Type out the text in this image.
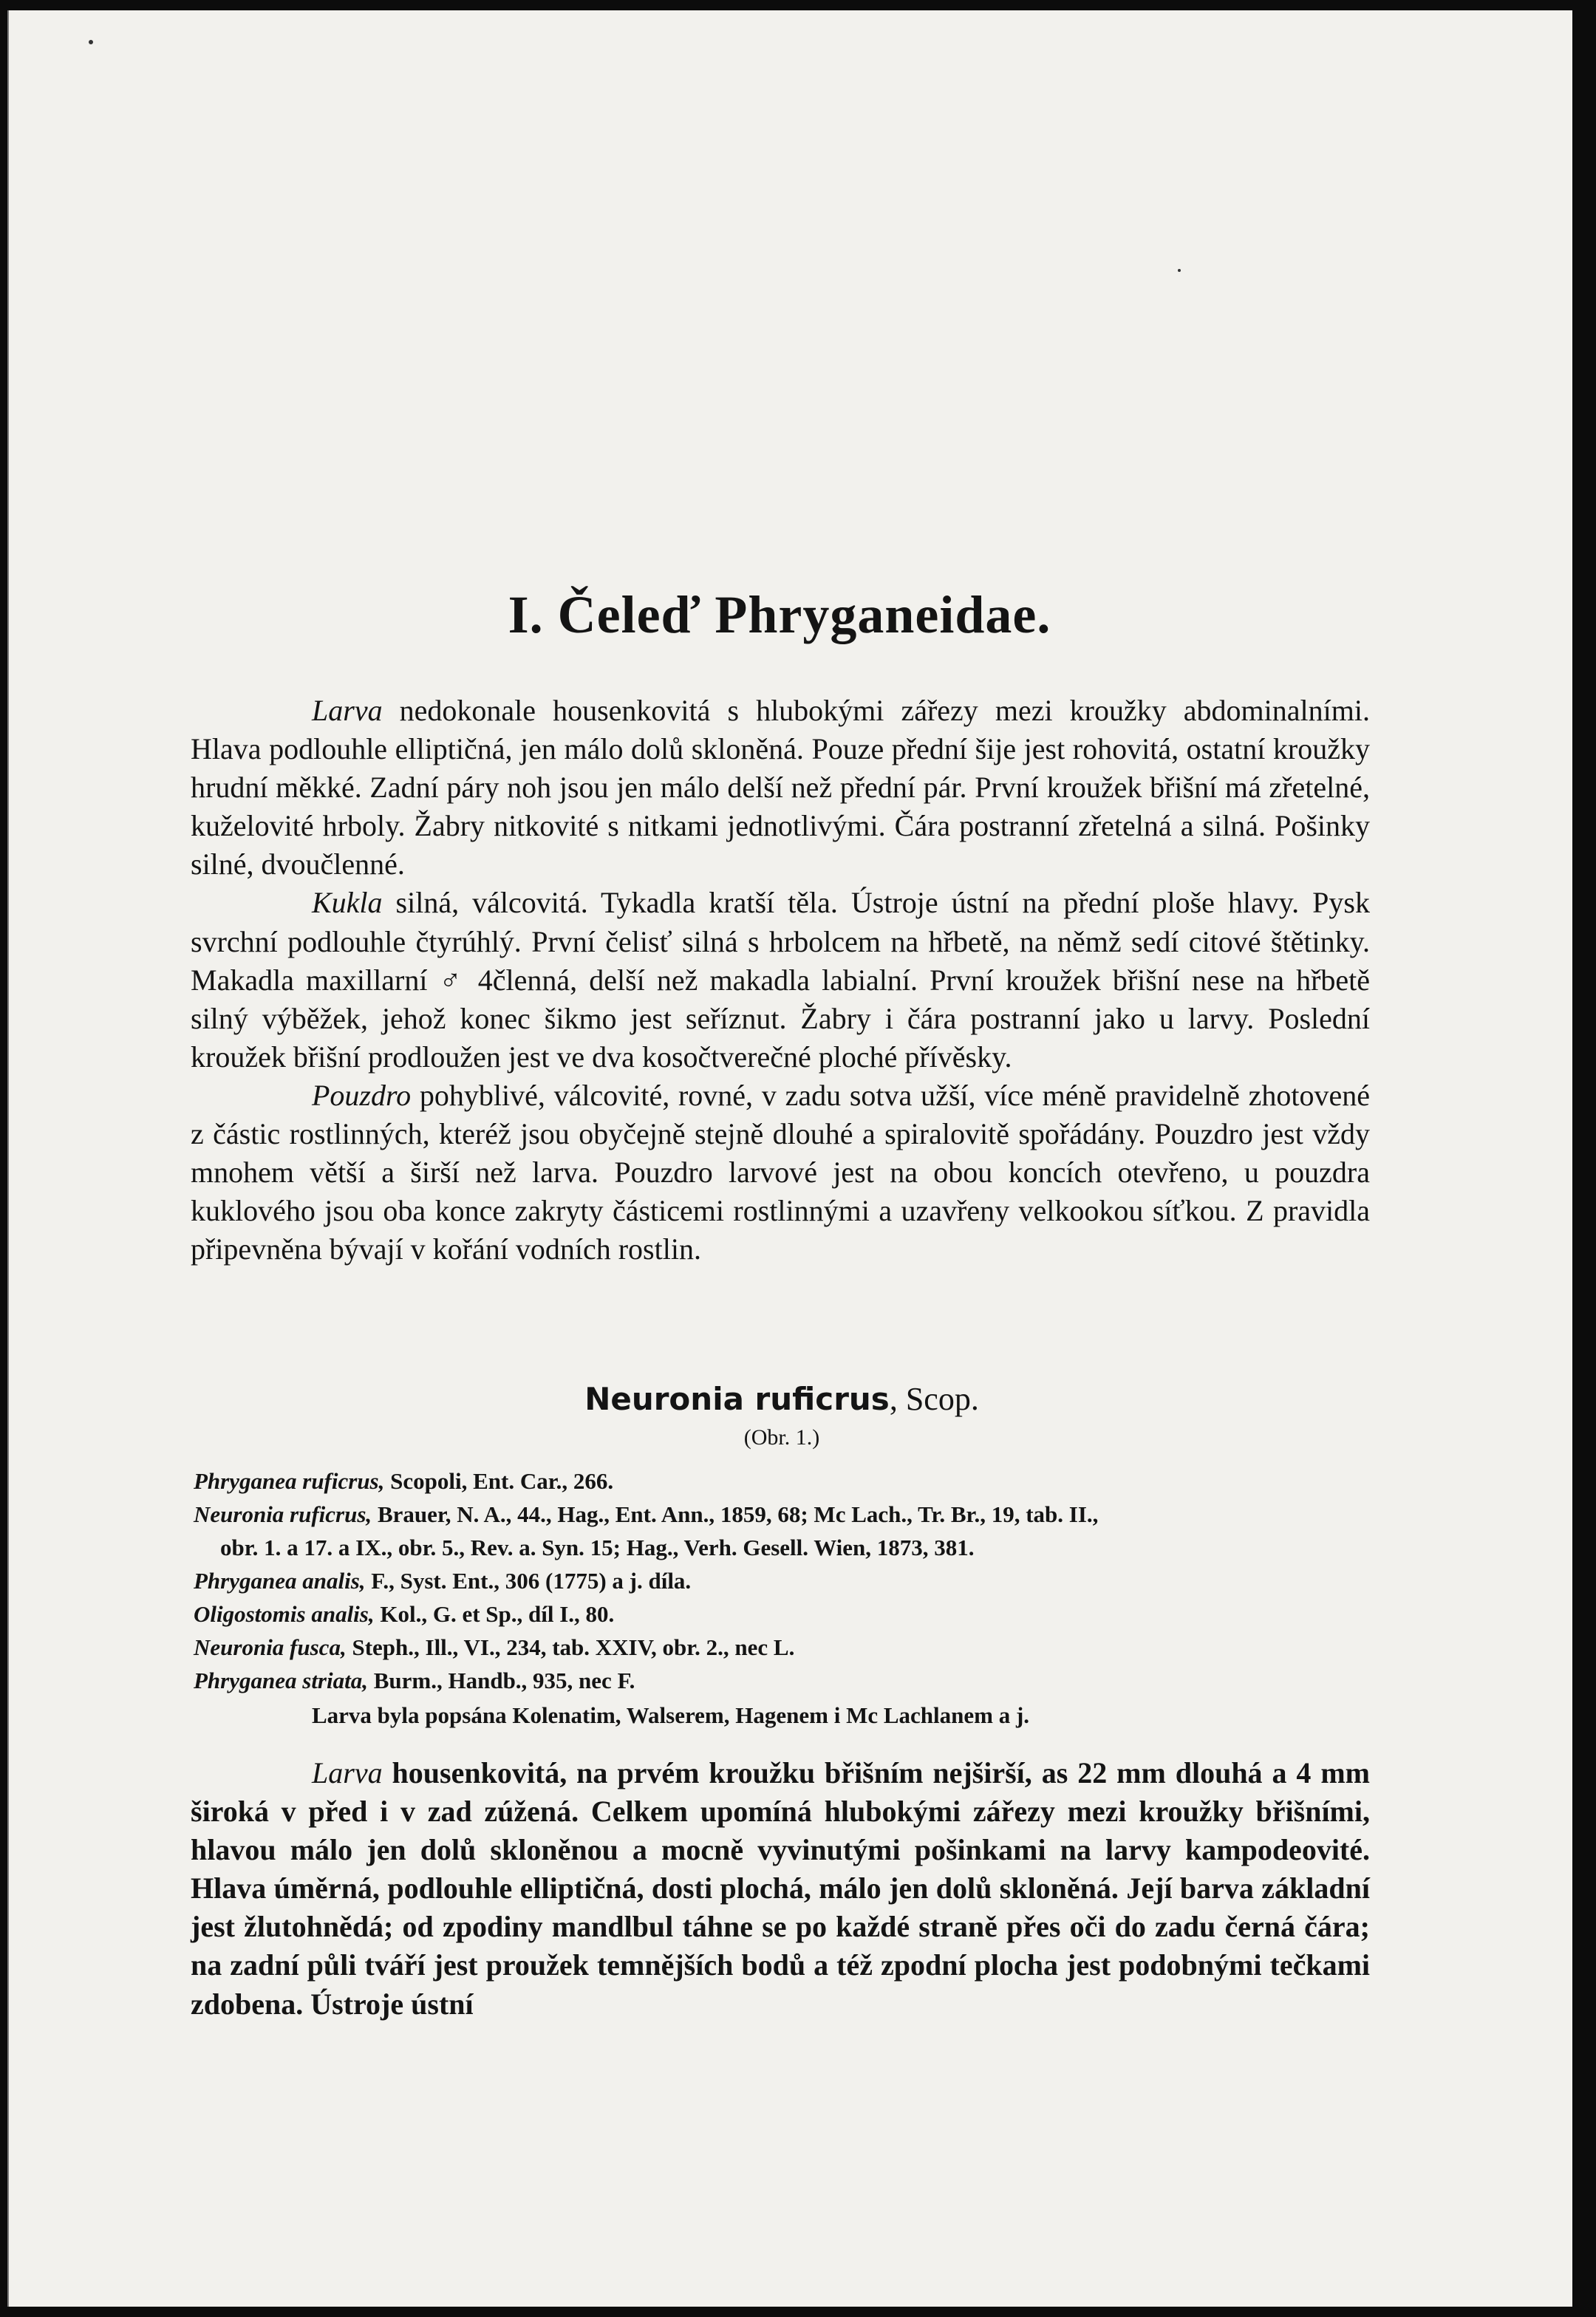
I. Čeleď Phryganeidae.

Larva nedokonale housenkovitá s hlubokými zářezy mezi kroužky abdominalními. Hlava podlouhle elliptičná, jen málo dolů skloněná. Pouze přední šije jest rohovitá, ostatní kroužky hrudní měkké. Zadní páry noh jsou jen málo delší než přední pár. První kroužek břišní má zřetelné, kuželovité hrboly. Žabry nitkovité s nitkami jednotlivými. Čára postranní zřetelná a silná. Pošinky silné, dvoučlenné.

Kukla silná, válcovitá. Tykadla kratší těla. Ústroje ústní na přední ploše hlavy. Pysk svrchní podlouhle čtyrúhlý. První čelisť silná s hrbolcem na hřbetě, na němž sedí citové štětinky. Makadla maxillarní ♂ 4členná, delší než makadla labialní. První kroužek břišní nese na hřbetě silný výběžek, jehož konec šikmo jest seříznut. Žabry i čára postranní jako u larvy. Poslední kroužek břišní prodloužen jest ve dva kosočtverečné ploché přívěsky.

Pouzdro pohyblivé, válcovité, rovné, v zadu sotva užší, více méně pravidelně zhotovené z částic rostlinných, kteréž jsou obyčejně stejně dlouhé a spiralovitě spořádány. Pouzdro jest vždy mnohem větší a širší než larva. Pouzdro larvové jest na obou koncích otevřeno, u pouzdra kuklového jsou oba konce zakryty částicemi rostlinnými a uzavřeny velkookou síťkou. Z pravidla připevněna bývají v kořání vodních rostlin.

Neuronia ruficrus, Scop.

(Obr. 1.)

Phryganea ruficrus, Scopoli, Ent. Car., 266.
Neuronia ruficrus, Brauer, N. A., 44., Hag., Ent. Ann., 1859, 68; Mc Lach., Tr. Br., 19, tab. II.,
obr. 1. a 17. a IX., obr. 5., Rev. a. Syn. 15; Hag., Verh. Gesell. Wien, 1873, 381.
Phryganea analis, F., Syst. Ent., 306 (1775) a j. díla.
Oligostomis analis, Kol., G. et Sp., díl I., 80.
Neuronia fusca, Steph., Ill., VI., 234, tab. XXIV, obr. 2., nec L.
Phryganea striata, Burm., Handb., 935, nec F.

Larva byla popsána Kolenatim, Walserem, Hagenem i Mc Lachlanem a j.

Larva housenkovitá, na prvém kroužku břišním nejširší, as 22 mm dlouhá a 4 mm široká v před i v zad zúžená. Celkem upomíná hlubokými zářezy mezi kroužky břišními, hlavou málo jen dolů skloněnou a mocně vyvinutými pošinkami na larvy kampodeovité. Hlava úměrná, podlouhle elliptičná, dosti plochá, málo jen dolů skloněná. Její barva základní jest žlutohnědá; od zpodiny mandlbul táhne se po každé straně přes oči do zadu černá čára; na zadní půli tváří jest proužek temnějších bodů a též zpodní plocha jest podobnými tečkami zdobena. Ústroje ústní
